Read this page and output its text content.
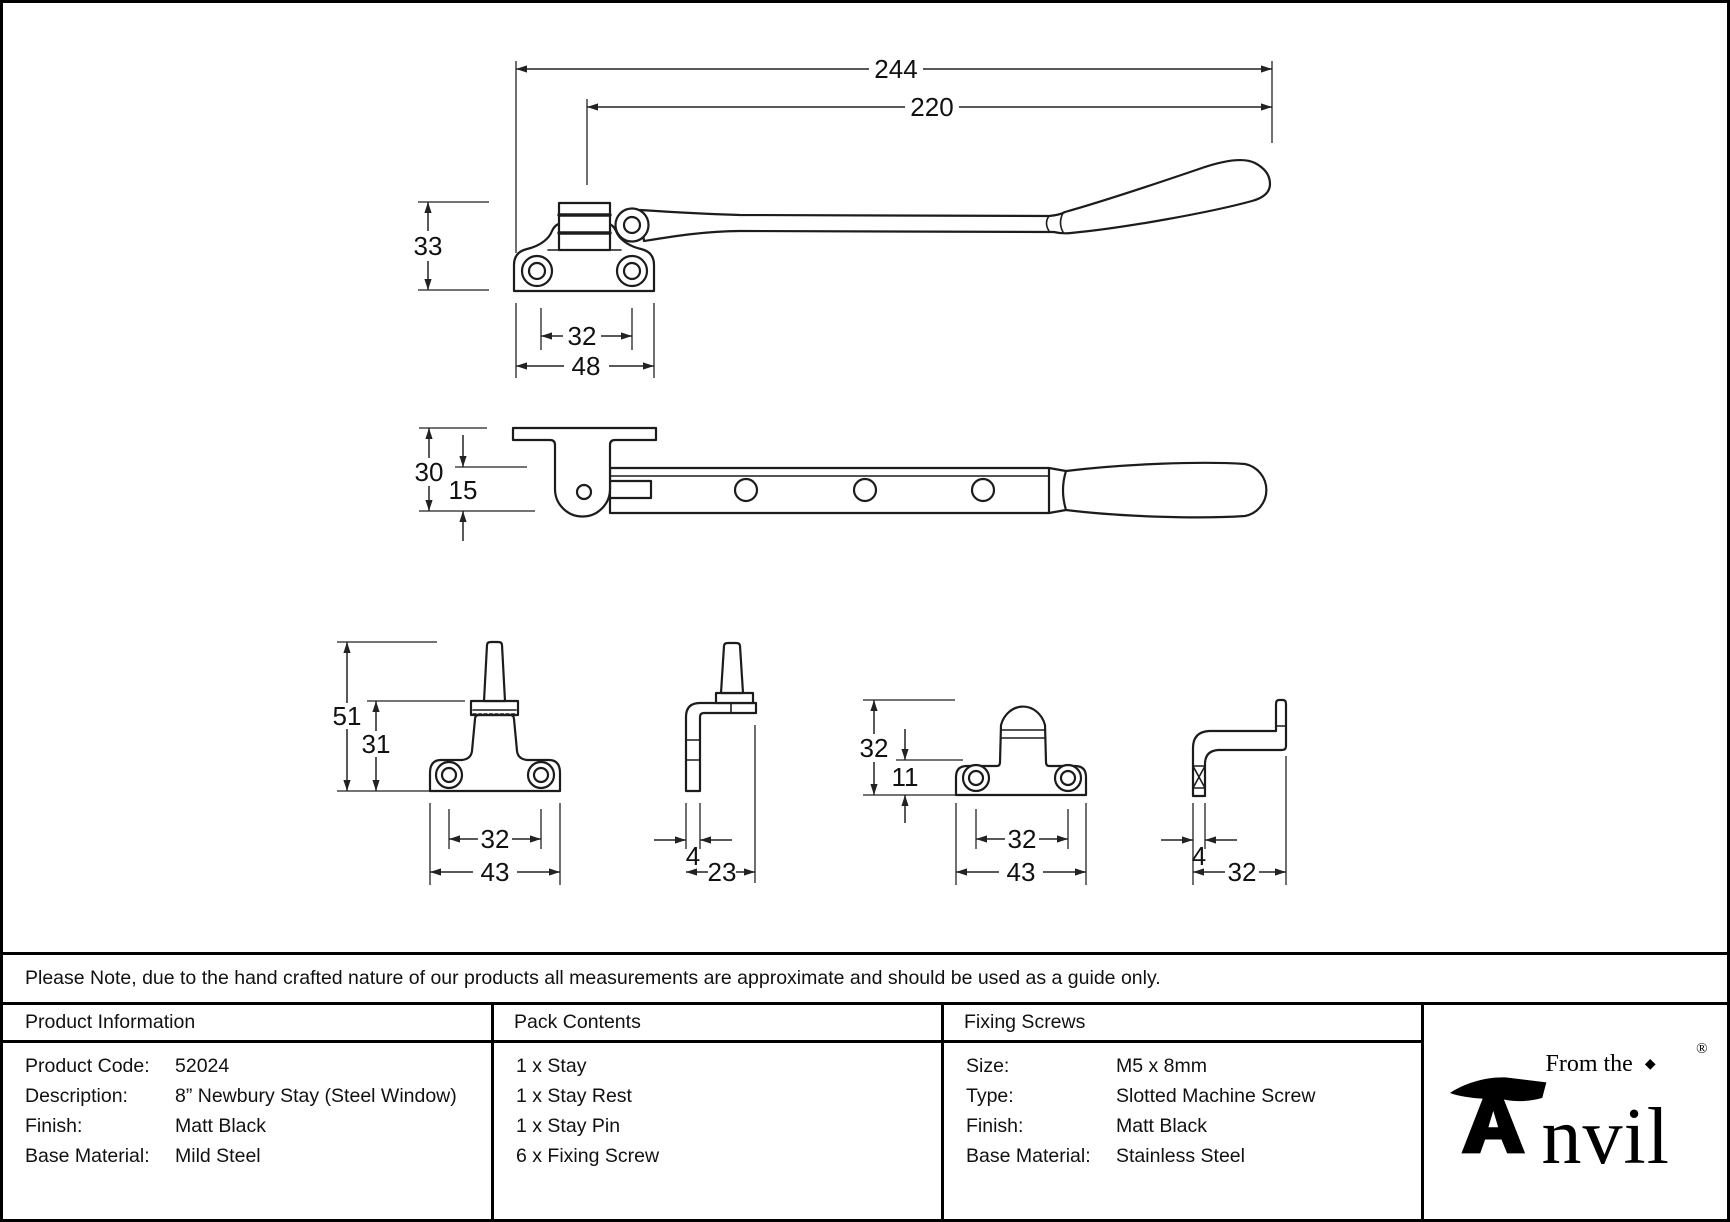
244
220
33
32
48
30
15
51
31
32
43
4
23
32
11
32
43
4
32
Please Note, due to the hand crafted nature of our products all measurements are approximate and should be used as a guide only.
Product Information	Pack Contents	Fixing Screws
From the ◆
nvil
®
Product Code:	52024
Description:	8” Newbury Stay (Steel Window)
Finish:	Matt Black
Base Material:	Mild Steel
1 x Stay
1 x Stay Rest
1 x Stay Pin
6 x Fixing Screw
Size:	M5 x 8mm
Type:	Slotted Machine Screw
Finish:	Matt Black
Base Material:	Stainless Steel
